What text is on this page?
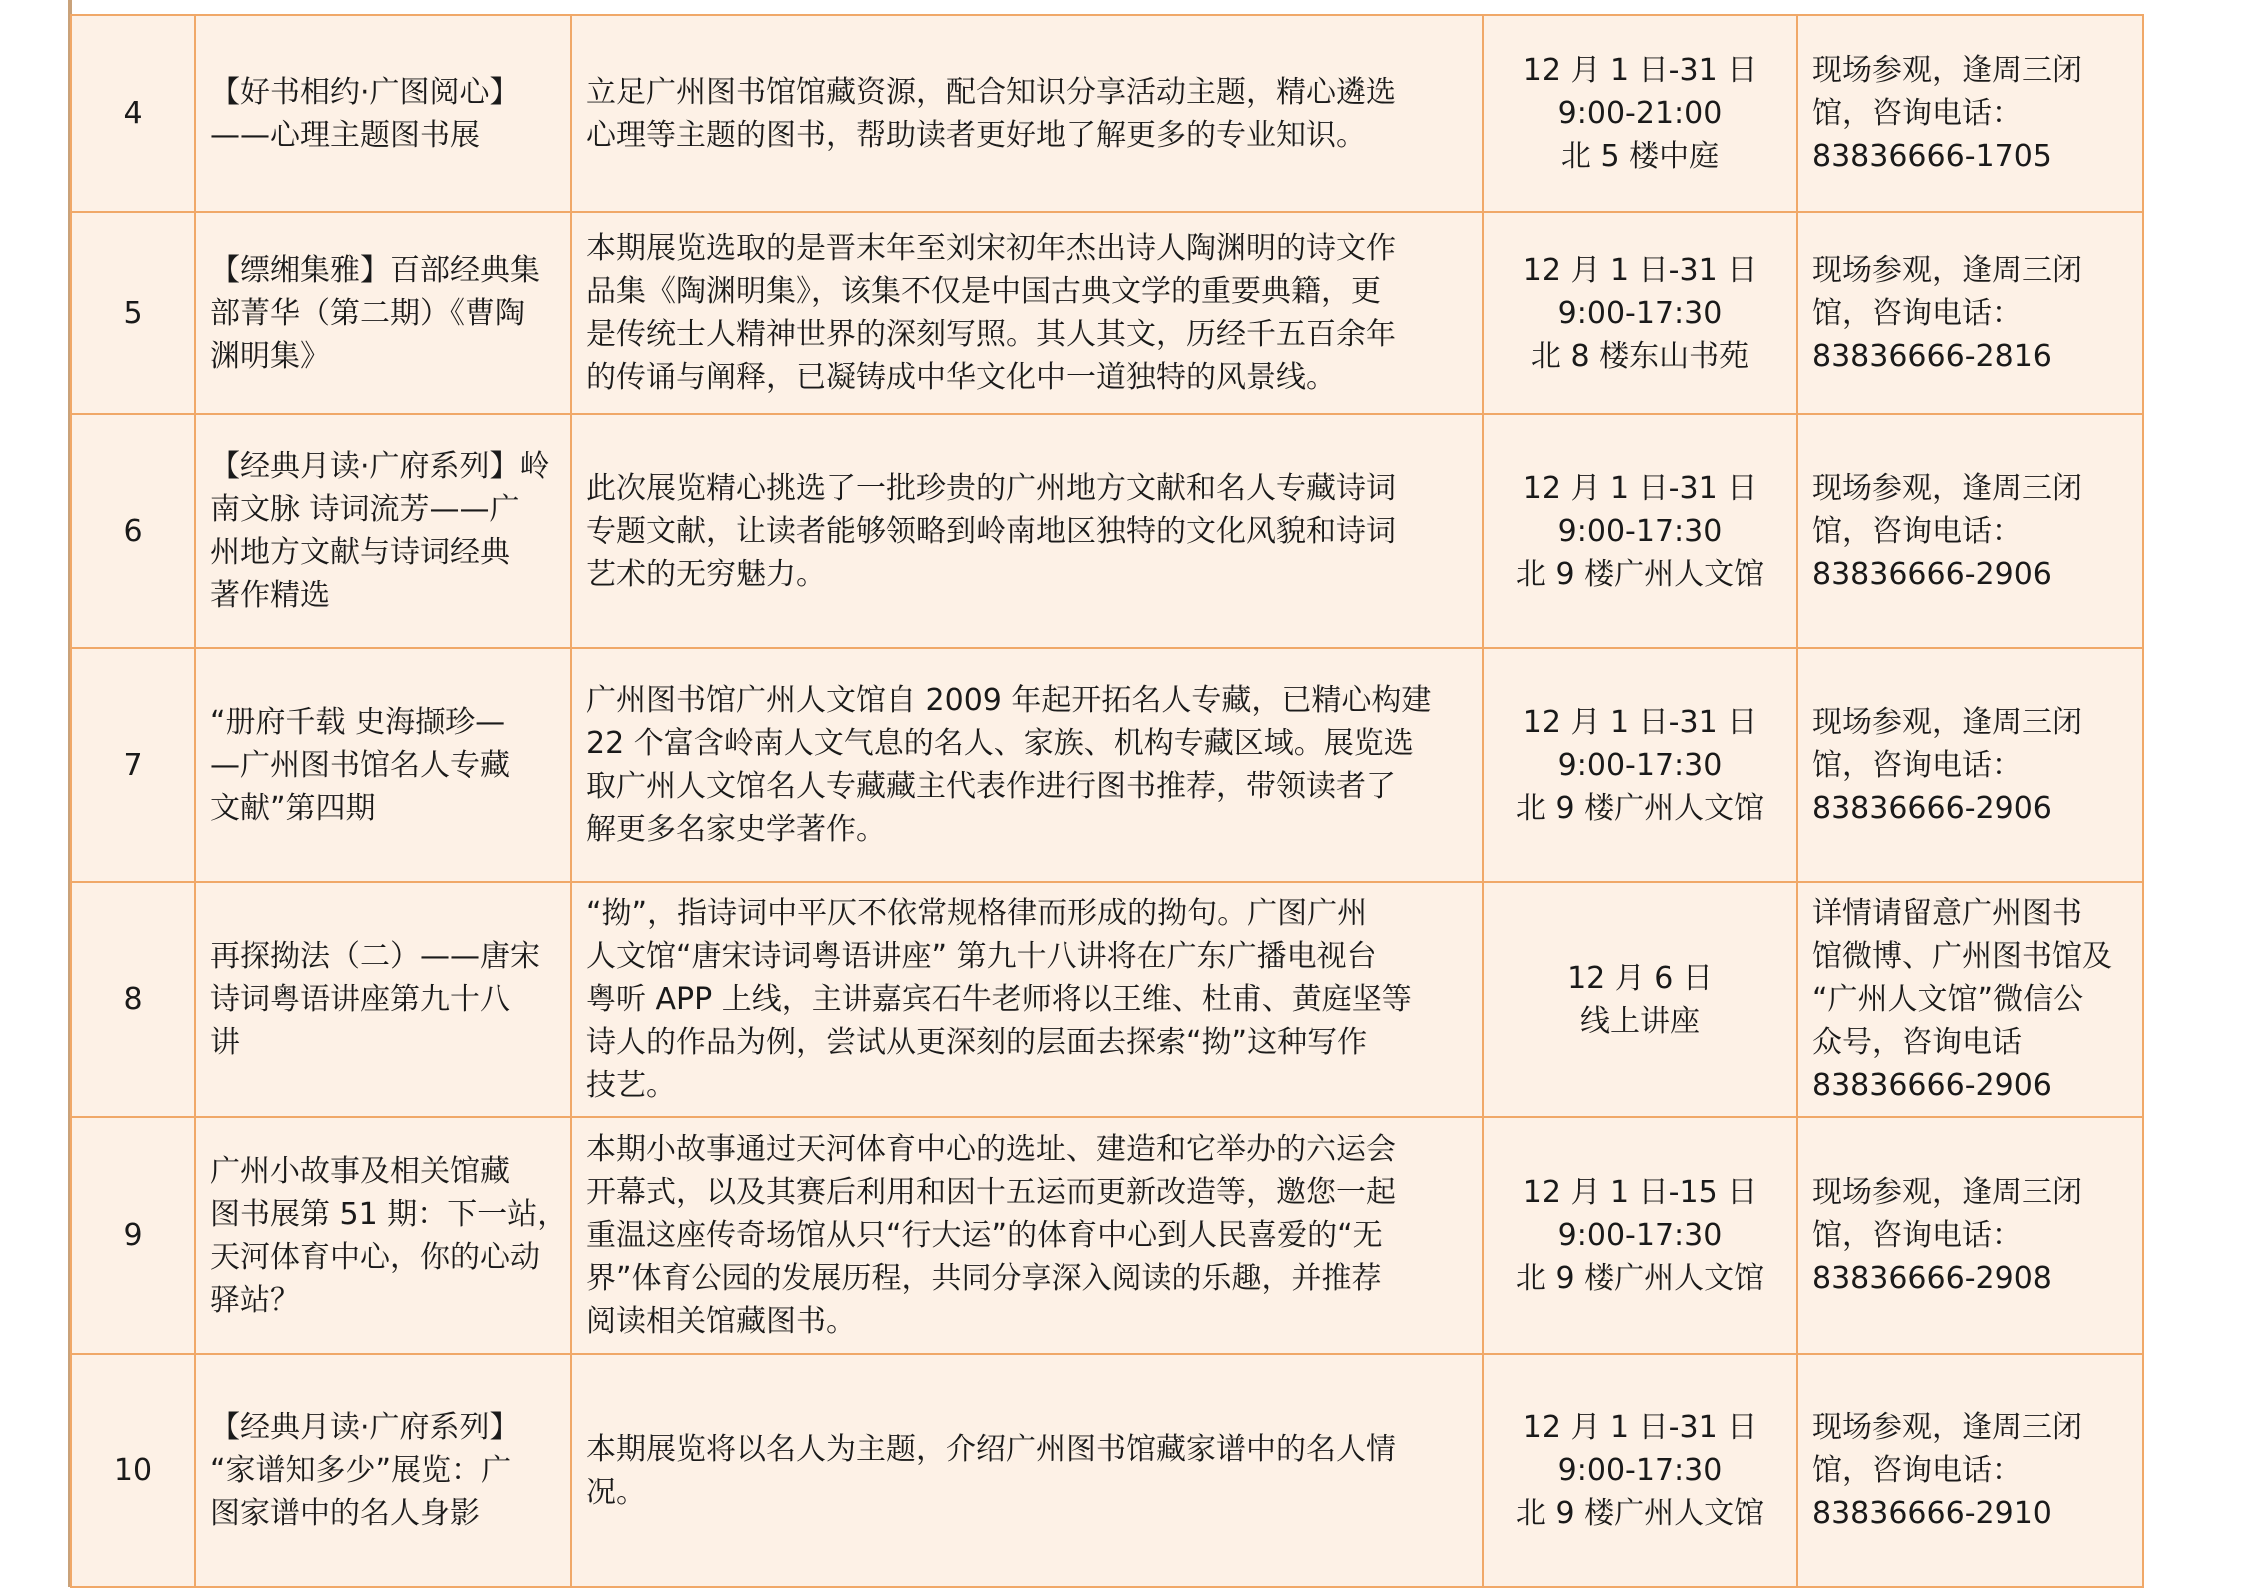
4	【好书相约·广图阅心】
——心理主题图书展	立足广州图书馆馆藏资源，配合知识分享活动主题，精心遴选
心理等主题的图书，帮助读者更好地了解更多的专业知识。	12 月 1 日-31 日
9:00-21:00
北 5 楼中庭	现场参观，逢周三闭
馆，咨询电话：
83836666-1705

5	【缥缃集雅】百部经典集
部菁华（第二期）《曹陶
渊明集》	本期展览选取的是晋末年至刘宋初年杰出诗人陶渊明的诗文作
品集《陶渊明集》，该集不仅是中国古典文学的重要典籍，更
是传统士人精神世界的深刻写照。其人其文，历经千五百余年
的传诵与阐释，已凝铸成中华文化中一道独特的风景线。	12 月 1 日-31 日
9:00-17:30
北 8 楼东山书苑	现场参观，逢周三闭
馆，咨询电话：
83836666-2816

6	【经典月读·广府系列】岭
南文脉 诗词流芳——广
州地方文献与诗词经典
著作精选	此次展览精心挑选了一批珍贵的广州地方文献和名人专藏诗词
专题文献，让读者能够领略到岭南地区独特的文化风貌和诗词
艺术的无穷魅力。	12 月 1 日-31 日
9:00-17:30
北 9 楼广州人文馆	现场参观，逢周三闭
馆，咨询电话：
83836666-2906

7	“册府千载 史海撷珍—
—广州图书馆名人专藏
文献”第四期	广州图书馆广州人文馆自 2009 年起开拓名人专藏，已精心构建
22 个富含岭南人文气息的名人、家族、机构专藏区域。展览选
取广州人文馆名人专藏藏主代表作进行图书推荐，带领读者了
解更多名家史学著作。	12 月 1 日-31 日
9:00-17:30
北 9 楼广州人文馆	现场参观，逢周三闭
馆，咨询电话：
83836666-2906

8	再探拗法（二）——唐宋
诗词粤语讲座第九十八
讲	“拗”，指诗词中平仄不依常规格律而形成的拗句。广图广州
人文馆“唐宋诗词粤语讲座” 第九十八讲将在广东广播电视台
粤听 APP 上线，主讲嘉宾石牛老师将以王维、杜甫、黄庭坚等
诗人的作品为例，尝试从更深刻的层面去探索“拗”这种写作
技艺。	12 月 6 日
线上讲座	详情请留意广州图书
馆微博、广州图书馆及
“广州人文馆”微信公
众号，咨询电话
83836666-2906

9	广州小故事及相关馆藏
图书展第 51 期：下一站，
天河体育中心，你的心动
驿站？	本期小故事通过天河体育中心的选址、建造和它举办的六运会
开幕式，以及其赛后利用和因十五运而更新改造等，邀您一起
重温这座传奇场馆从只“行大运”的体育中心到人民喜爱的“无
界”体育公园的发展历程，共同分享深入阅读的乐趣，并推荐
阅读相关馆藏图书。	12 月 1 日-15 日
9:00-17:30
北 9 楼广州人文馆	现场参观，逢周三闭
馆，咨询电话：
83836666-2908

10	【经典月读·广府系列】
“家谱知多少”展览：广
图家谱中的名人身影	本期展览将以名人为主题，介绍广州图书馆藏家谱中的名人情
况。	12 月 1 日-31 日
9:00-17:30
北 9 楼广州人文馆	现场参观，逢周三闭
馆，咨询电话：
83836666-2910
